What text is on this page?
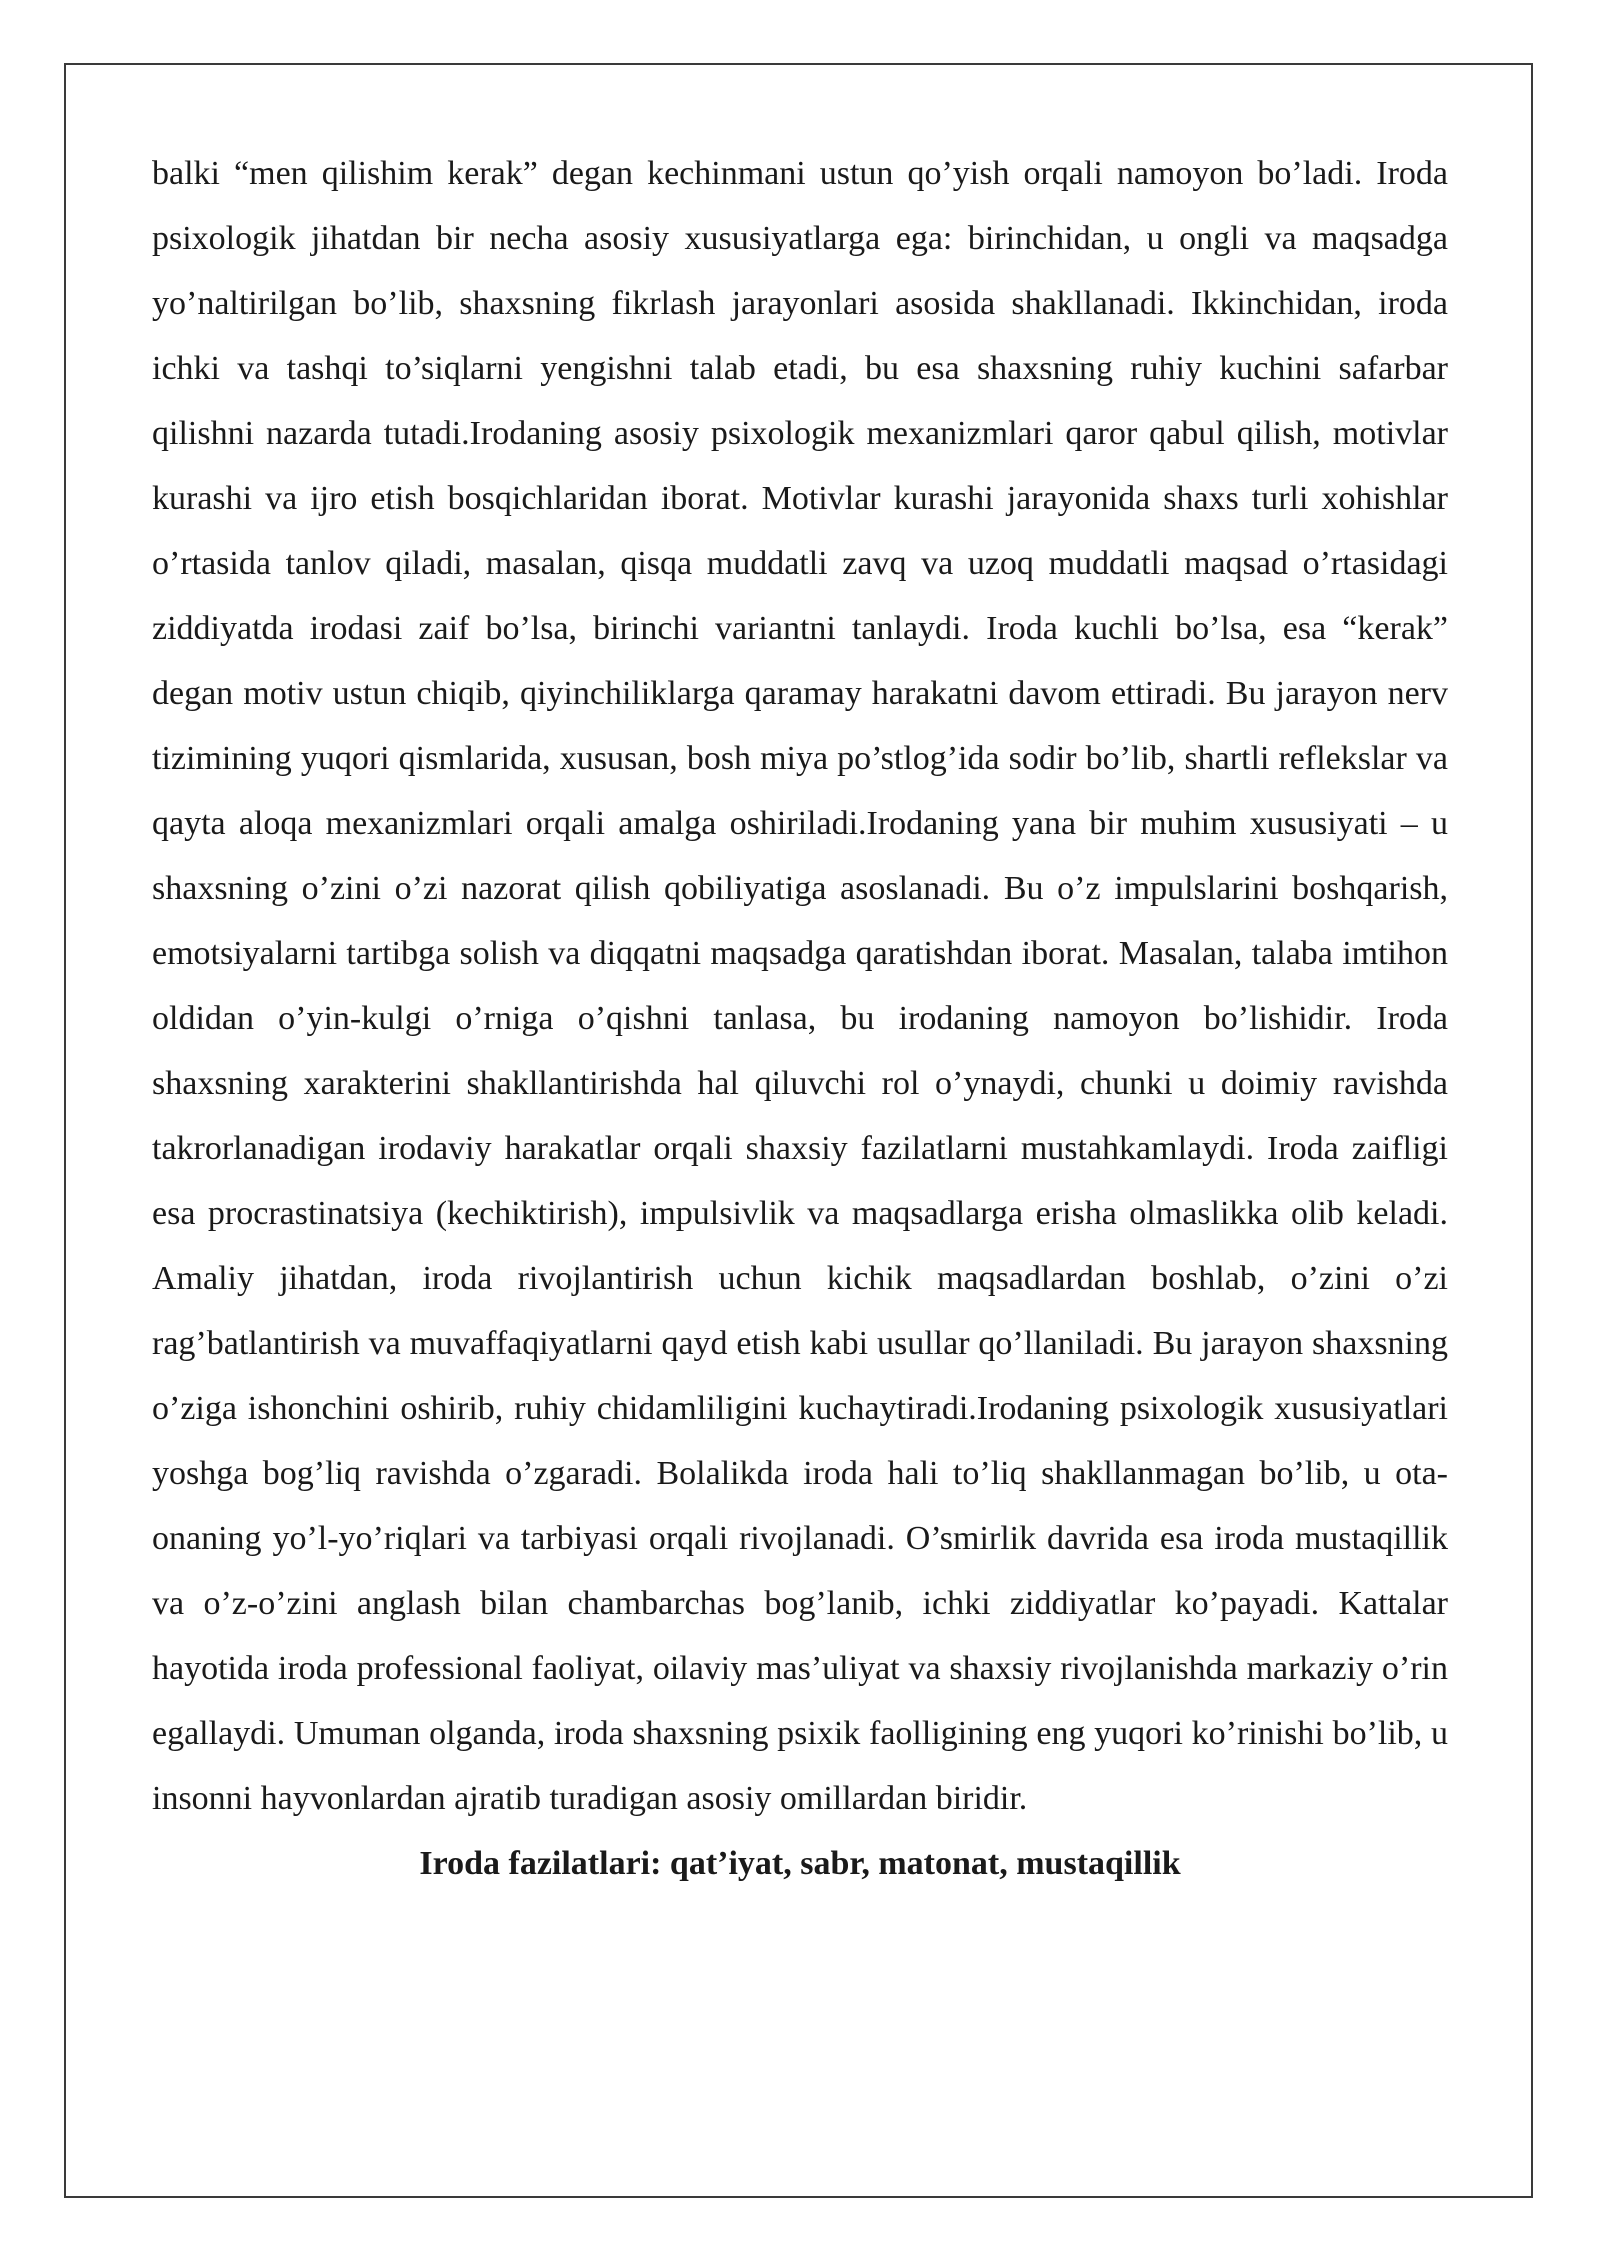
balki “men qilishim kerak” degan kechinmani ustun qo’yish orqali namoyon bo’ladi. Iroda psixologik jihatdan bir necha asosiy xususiyatlarga ega: birinchidan, u ongli va maqsadga yo’naltirilgan bo’lib, shaxsning fikrlash jarayonlari asosida shakllanadi. Ikkinchidan, iroda ichki va tashqi to’siqlarni yengishni talab etadi, bu esa shaxsning ruhiy kuchini safarbar qilishni nazarda tutadi.Irodaning asosiy psixologik mexanizmlari qaror qabul qilish, motivlar kurashi va ijro etish bosqichlaridan iborat. Motivlar kurashi jarayonida shaxs turli xohishlar o’rtasida tanlov qiladi, masalan, qisqa muddatli zavq va uzoq muddatli maqsad o’rtasidagi ziddiyatda irodasi zaif bo’lsa, birinchi variantni tanlaydi. Iroda kuchli bo’lsa, esa “kerak” degan motiv ustun chiqib, qiyinchiliklarga qaramay harakatni davom ettiradi. Bu jarayon nerv tizimining yuqori qismlarida, xususan, bosh miya po’stlog’ida sodir bo’lib, shartli reflekslar va qayta aloqa mexanizmlari orqali amalga oshiriladi.Irodaning yana bir muhim xususiyati – u shaxsning o’zini o’zi nazorat qilish qobiliyatiga asoslanadi. Bu o’z impulslarini boshqarish, emotsiyalarni tartibga solish va diqqatni maqsadga qaratishdan iborat. Masalan, talaba imtihon oldidan o’yin-kulgi o’rniga o’qishni tanlasa, bu irodaning namoyon bo’lishidir. Iroda shaxsning xarakterini shakllantirishda hal qiluvchi rol o’ynaydi, chunki u doimiy ravishda takrorlanadigan irodaviy harakatlar orqali shaxsiy fazilatlarni mustahkamlaydi. Iroda zaifligi esa procrastinatsiya (kechiktirish), impulsivlik va maqsadlarga erisha olmaslikka olib keladi. Amaliy jihatdan, iroda rivojlantirish uchun kichik maqsadlardan boshlab, o’zini o’zi rag’batlantirish va muvaffaqiyatlarni qayd etish kabi usullar qo’llaniladi. Bu jarayon shaxsning o’ziga ishonchini oshirib, ruhiy chidamliligini kuchaytiradi.Irodaning psixologik xususiyatlari yoshga bog’liq ravishda o’zgaradi. Bolalikda iroda hali to’liq shakllanmagan bo’lib, u ota-onaning yo’l-yo’riqlari va tarbiyasi orqali rivojlanadi. O’smirlik davrida esa iroda mustaqillik va o’z-o’zini anglash bilan chambarchas bog’lanib, ichki ziddiyatlar ko’payadi. Kattalar hayotida iroda professional faoliyat, oilaviy mas’uliyat va shaxsiy rivojlanishda markaziy o’rin egallaydi. Umuman olganda, iroda shaxsning psixik faolligining eng yuqori ko’rinishi bo’lib, u insonni hayvonlardan ajratib turadigan asosiy omillardan biridir.

Iroda fazilatlari: qat’iyat, sabr, matonat, mustaqillik
